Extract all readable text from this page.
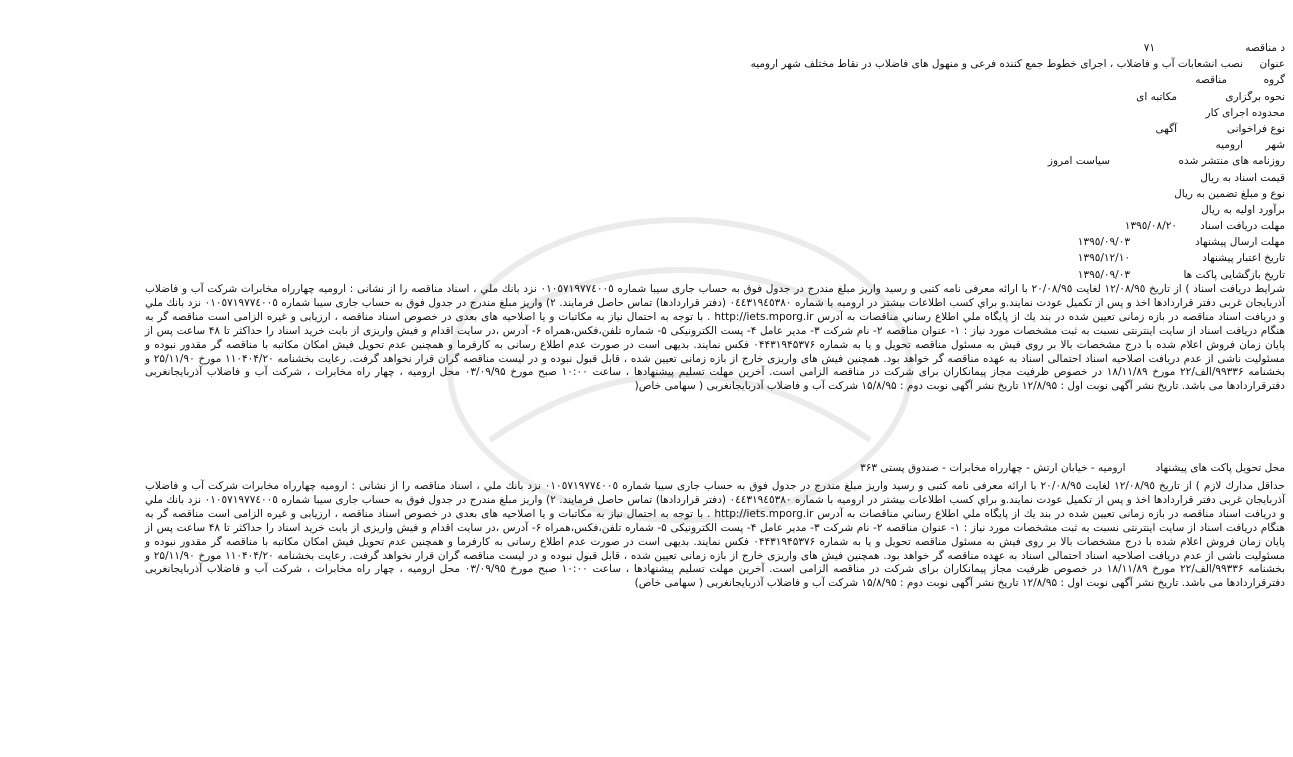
د مناقصه
٧١
عنوان
نصب انشعابات آب و فاضلاب ، اجرای خطوط جمع کننده فرعی و منهول های فاضلاب در نقاط مختلف شهر ارومیه
گروه
مناقصه
نحوه برگزاری
مکاتبه ای
محدوده اجرای کار
نوع فراخوانی
آگهی
شهر
ارومیه
روزنامه های منتشر شده
سیاست امروز
قیمت اسناد به ریال
نوع و مبلغ تضمین به ریال
برآورد اولیه به ریال
مهلت دریافت اسناد
١٣٩٥/٠٨/٢٠
مهلت ارسال پیشنهاد
١٣٩٥/٠٩/٠٣
تاریخ اعتبار پیشنهاد
١٣٩٥/١٢/١٠
تاریخ بازگشایی پاکت ها
١٣٩٥/٠٩/٠٣

شرایط دریافت اسناد ) از تاریخ ١٢/٠٨/٩٥ لغایت ٢٠/٠٨/٩٥ با ارائه معرفی نامه کتبی و رسید واریز مبلغ مندرج در جدول فوق به حساب جاری سیبا شماره ٠١٠٥٧١٩٧٧٤٠٠٥ نزد بانك ملي ، اسناد مناقصه را از نشانی : ارومیه چهارراه مخابرات شرکت آب و فاضلاب آذربایجان غربی دفتر قراردادها اخذ و پس از تکمیل عودت نمایند.و براي كسب اطلاعات بيشتر در اروميه با شماره ٠٤٤٣١٩٤٥٣٨٠ (دفتر قراردادها) تماس حاصل فرمایند. ٢) واریز مبلغ مندرج در جدول فوق به حساب جاری سیبا شماره ٠١٠٥٧١٩٧٧٤٠٠٥ نزد بانك ملي و دریافت اسناد مناقصه در بازه زمانی تعیین شده در بند یك از پایگاه ملي اطلاع رساني مناقصات به آدرس http://iets.mporg.ir . با توجه به احتمال نیاز به مکاتبات و یا اصلاحیه های بعدی در خصوص اسناد مناقصه ، ارزیابی و غیره الزامی است مناقصه گر به هنگام دریافت اسناد از سایت اینترنتی نسبت به ثبت مشخصات مورد نیاز : ١- عنوان مناقصه ٢- نام شرکت ٣- مدیر عامل ۴- پست الکترونیکی ۵- شماره تلفن،فکس،همراه ۶- آدرس ،در سایت اقدام و فیش واریزی از بابت خرید اسناد را حداکثر تا ۴٨ ساعت پس از پایان زمان فروش اعلام شده با درج مشخصات بالا بر روی فیش به مسئول مناقصه تحویل و یا به شماره ٠۴۴٣١٩۴۵٣٧۶ فکس نمایند. بدیهی است در صورت عدم اطلاع رسانی به کارفرما و همچنین عدم تحویل فیش امکان مکاتبه با مناقصه گر مقدور نبوده و مسئولیت ناشی از عدم دریافت اصلاحیه اسناد احتمالی اسناد به عهده مناقصه گر خواهد بود. همچنین فیش های واریزی خارج از بازه زمانی تعیین شده ، قابل قبول نبوده و در لیست مناقصه گران قرار نخواهد گرفت. رعایت بخشنامه ١١٠۴٠۴/٢٠ مورخ ٢۵/١١/٩٠ و بخشنامه ٩٩٣٣۶/الف/٢٢ مورخ ١٨/١١/٨٩ در خصوص ظرفیت مجاز پیمانکاران برای شرکت در مناقصه الزامی است. آخرین مهلت تسلیم پیشنهادها ، ساعت ١٠:٠٠ صبح مورخ ٠٣/٠٩/٩۵ محل ارومیه ، چهار راه مخابرات ، شرکت آب و فاضلاب آذربایجانغربی دفترقراردادها می باشد. تاریخ نشر آگهی نوبت اول : ١٢/٨/٩۵ تاریخ نشر آگهی نوبت دوم : ١۵/٨/٩۵ شرکت آب و فاضلاب آذربایجانغربی ( سهامی خاص(

محل تحویل پاکت های پیشنهاد         ارومیه - خیابان ارتش - چهارراه مخابرات - صندوق پستی ٣۶٣

حداقل مدارك لازم ) از تاریخ ١٢/٠٨/٩٥ لغایت ٢٠/٠٨/٩٥ با ارائه معرفی نامه کتبی و رسید واریز مبلغ مندرج در جدول فوق به حساب جاری سیبا شماره ٠١٠٥٧١٩٧٧٤٠٠٥ نزد بانك ملي ، اسناد مناقصه را از نشانی : ارومیه چهارراه مخابرات شرکت آب و فاضلاب آذربایجان غربی دفتر قراردادها اخذ و پس از تکمیل عودت نمایند.و براي كسب اطلاعات بيشتر در اروميه با شماره ٠٤٤٣١٩٤٥٣٨٠ (دفتر قراردادها) تماس حاصل فرمایند. ٢) واریز مبلغ مندرج در جدول فوق به حساب جاری سیبا شماره ٠١٠٥٧١٩٧٧٤٠٠٥ نزد بانك ملي و دریافت اسناد مناقصه در بازه زمانی تعیین شده در بند یك از پایگاه ملي اطلاع رساني مناقصات به آدرس http://iets.mporg.ir . با توجه به احتمال نیاز به مکاتبات و یا اصلاحیه های بعدی در خصوص اسناد مناقصه ، ارزیابی و غیره الزامی است مناقصه گر به هنگام دریافت اسناد از سایت اینترنتی نسبت به ثبت مشخصات مورد نیاز : ١- عنوان مناقصه ٢- نام شرکت ٣- مدیر عامل ۴- پست الکترونیکی ۵- شماره تلفن،فکس،همراه ۶- آدرس ،در سایت اقدام و فیش واریزی از بابت خرید اسناد را حداکثر تا ۴٨ ساعت پس از پایان زمان فروش اعلام شده با درج مشخصات بالا بر روی فیش به مسئول مناقصه تحویل و یا به شماره ٠۴۴٣١٩۴۵٣٧۶ فکس نمایند. بدیهی است در صورت عدم اطلاع رسانی به کارفرما و همچنین عدم تحویل فیش امکان مکاتبه با مناقصه گر مقدور نبوده و مسئولیت ناشی از عدم دریافت اصلاحیه اسناد احتمالی اسناد به عهده مناقصه گر خواهد بود. همچنین فیش های واریزی خارج از بازه زمانی تعیین شده ، قابل قبول نبوده و در لیست مناقصه گران قرار نخواهد گرفت. رعایت بخشنامه ١١٠۴٠۴/٢٠ مورخ ٢۵/١١/٩٠ و بخشنامه ٩٩٣٣۶/الف/٢٢ مورخ ١٨/١١/٨٩ در خصوص ظرفیت مجاز پیمانکاران برای شرکت در مناقصه الزامی است. آخرین مهلت تسلیم پیشنهادها ، ساعت ١٠:٠٠ صبح مورخ ٠٣/٠٩/٩۵ محل ارومیه ، چهار راه مخابرات ، شرکت آب و فاضلاب آذربایجانغربی دفترقراردادها می باشد. تاریخ نشر آگهی نوبت اول : ١٢/٨/٩۵ تاریخ نشر آگهی نوبت دوم : ١۵/٨/٩۵ شرکت آب و فاضلاب آذربایجانغربی ( سهامی خاص)
